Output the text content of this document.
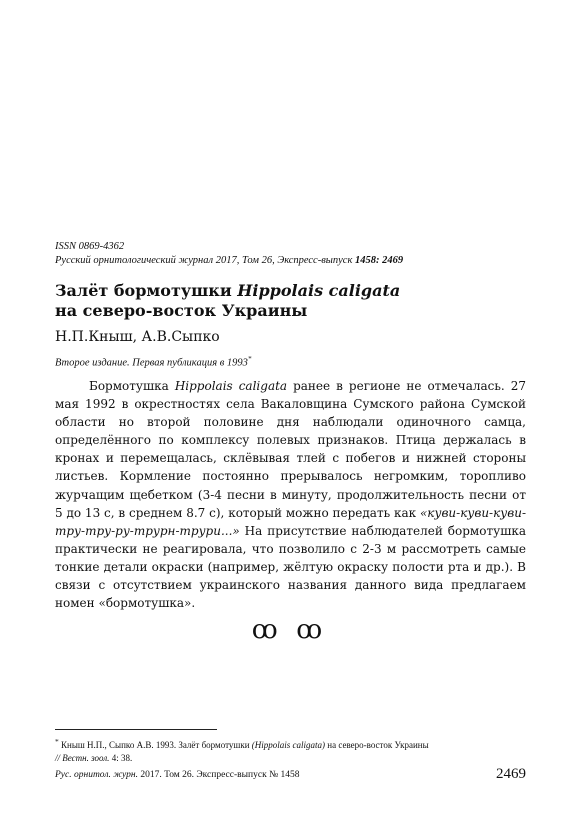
ISSN 0869-4362
Русский орнитологический журнал 2017, Том 26, Экспресс-выпуск 1458: 2469
Залёт бормотушки Hippolais caligata
на северо-восток Украины
Н.П.Кныш, А.В.Сыпко
Второе издание. Первая публикация в 1993*

Бормотушка Hippolais caligata ранее в регионе не отмечалась. 27 мая 1992 в окрестностях села Вакаловщина Сумского района Сумской области но второй половине дня наблюдали одиночного самца, определённого по комплексу полевых признаков. Птица держалась в кронах и перемещалась, склёвывая тлей с побегов и нижней стороны листьев. Кормление постоянно прерывалось негромким, торопливо журчащим щебетком (3-4 песни в минуту, продолжительность песни от 5 до 13 с, в среднем 8.7 с), который можно передать как «куви-куви-куви-тру-тру-ру-трурн-трури...» На присутствие наблюдателей бормотушка практически не реагировала, что позволило с 2-3 м рассмотреть самые тонкие детали окраски (например, жёлтую окраску полости рта и др.). В связи с отсутствием украинского названия данного вида предлагаем номен «бормотушка».

ꝏ ꝏ
* Кныш Н.П., Сыпко А.В. 1993. Залёт бормотушки (Hippolais caligata) на северо-восток Украины
// Вестн. зоол. 4: 38.
Рус. орнитол. журн. 2017. Том 26. Экспресс-выпуск № 1458	2469
